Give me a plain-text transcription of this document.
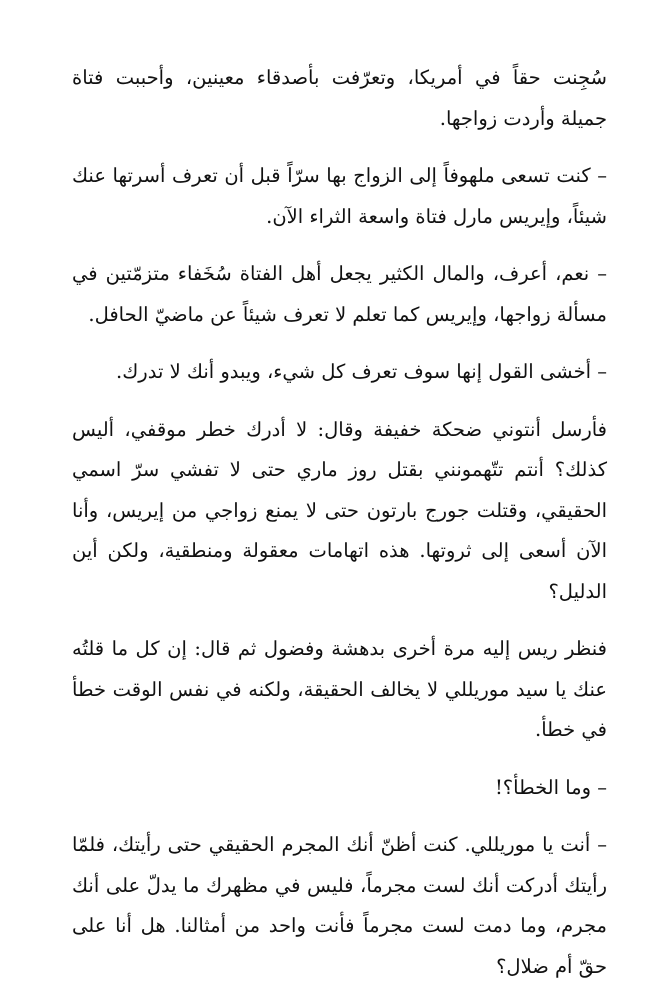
سُجِنت حقاً في أمريكا، وتعرّفت بأصدقاء معينين، وأحببت فتاة جميلة وأردت زواجها.

– كنت تسعى ملهوفاً إلى الزواج بها سرّاً قبل أن تعرف أسرتها عنك شيئاً، وإيريس مارل فتاة واسعة الثراء الآن.

– نعم، أعرف، والمال الكثير يجعل أهل الفتاة سُخَفاء متزمّتين في مسألة زواجها، وإيريس كما تعلم لا تعرف شيئاً عن ماضيّ الحافل.

– أخشى القول إنها سوف تعرف كل شيء، ويبدو أنك لا تدرك.

فأرسل أنتوني ضحكة خفيفة وقال: لا أدرك خطر موقفي، أليس كذلك؟ أنتم تتّهمونني بقتل روز ماري حتى لا تفشي سرّ اسمي الحقيقي، وقتلت جورج بارتون حتى لا يمنع زواجي من إيريس، وأنا الآن أسعى إلى ثروتها. هذه اتهامات معقولة ومنطقية، ولكن أين الدليل؟

فنظر ريس إليه مرة أخرى بدهشة وفضول ثم قال: إن كل ما قلتُه عنك يا سيد موريللي لا يخالف الحقيقة، ولكنه في نفس الوقت خطأ في خطأ.

– وما الخطأ؟!

– أنت يا موريللي. كنت أظنّ أنك المجرم الحقيقي حتى رأيتك، فلمّا رأيتك أدركت أنك لست مجرماً، فليس في مظهرك ما يدلّ على أنك مجرم، وما دمت لست مجرماً فأنت واحد من أمثالنا. هل أنا على حقّ أم ضلال؟
